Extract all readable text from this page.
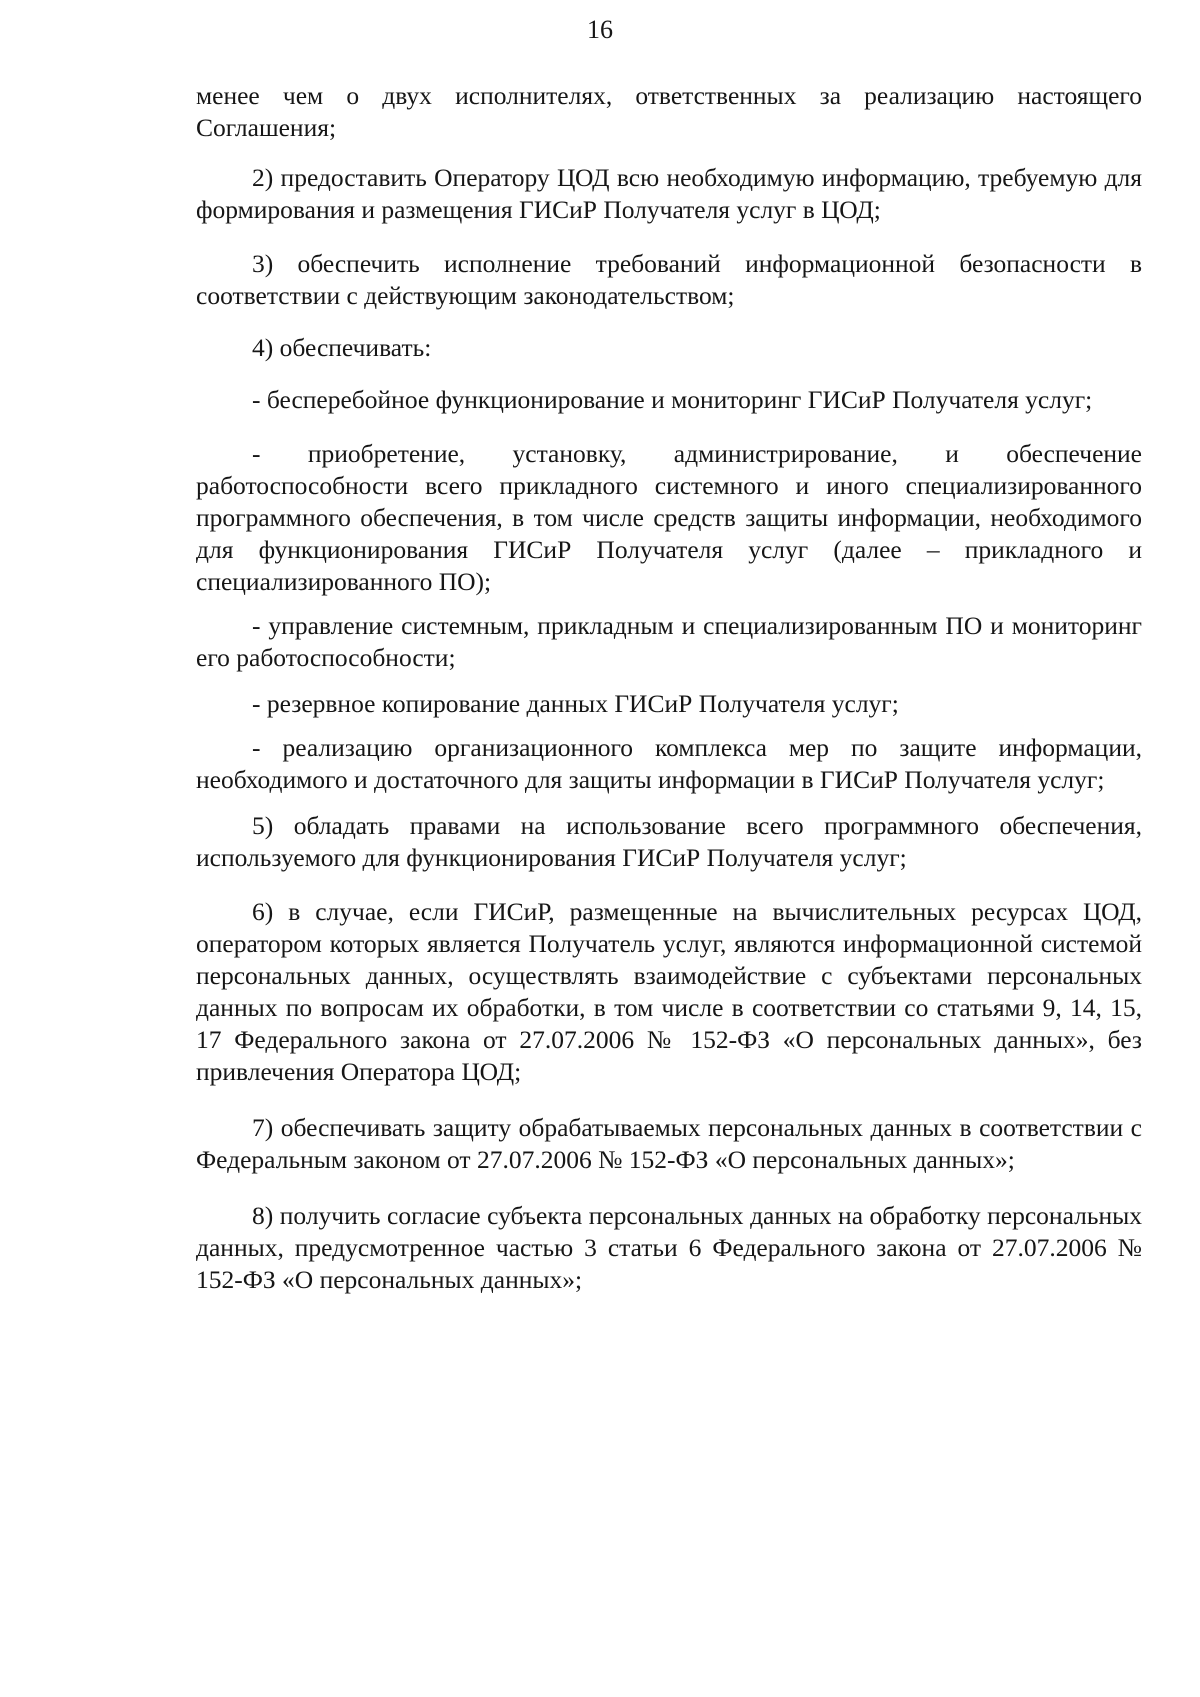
16

менее чем о двух исполнителях, ответственных за реализацию настоящего Соглашения;

2) предоставить Оператору ЦОД всю необходимую информацию, требуемую для формирования и размещения ГИСиР Получателя услуг в ЦОД;

3) обеспечить исполнение требований информационной безопасности в соответствии с действующим законодательством;

4) обеспечивать:

- бесперебойное функционирование и мониторинг ГИСиР Получателя услуг;

- приобретение, установку, администрирование, и обеспечение работоспособности всего прикладного системного и иного специализированного программного обеспечения, в том числе средств защиты информации, необходимого для функционирования ГИСиР Получателя услуг (далее – прикладного и специализированного ПО);

- управление системным, прикладным и специализированным ПО и мониторинг его работоспособности;

- резервное копирование данных ГИСиР Получателя услуг;

- реализацию организационного комплекса мер по защите информации, необходимого и достаточного для защиты информации в ГИСиР Получателя услуг;

5) обладать правами на использование всего программного обеспечения, используемого для функционирования ГИСиР Получателя услуг;

6) в случае, если ГИСиР, размещенные на вычислительных ресурсах ЦОД, оператором которых является Получатель услуг, являются информационной системой персональных данных, осуществлять взаимодействие с субъектами персональных данных по вопросам их обработки, в том числе в соответствии со статьями 9, 14, 15, 17 Федерального закона от 27.07.2006 № 152-ФЗ «О персональных данных», без привлечения Оператора ЦОД;

7) обеспечивать защиту обрабатываемых персональных данных в соответствии с Федеральным законом от 27.07.2006 № 152-ФЗ «О персональных данных»;

8) получить согласие субъекта персональных данных на обработку персональных данных, предусмотренное частью 3 статьи 6 Федерального закона от 27.07.2006 № 152-ФЗ «О персональных данных»;
